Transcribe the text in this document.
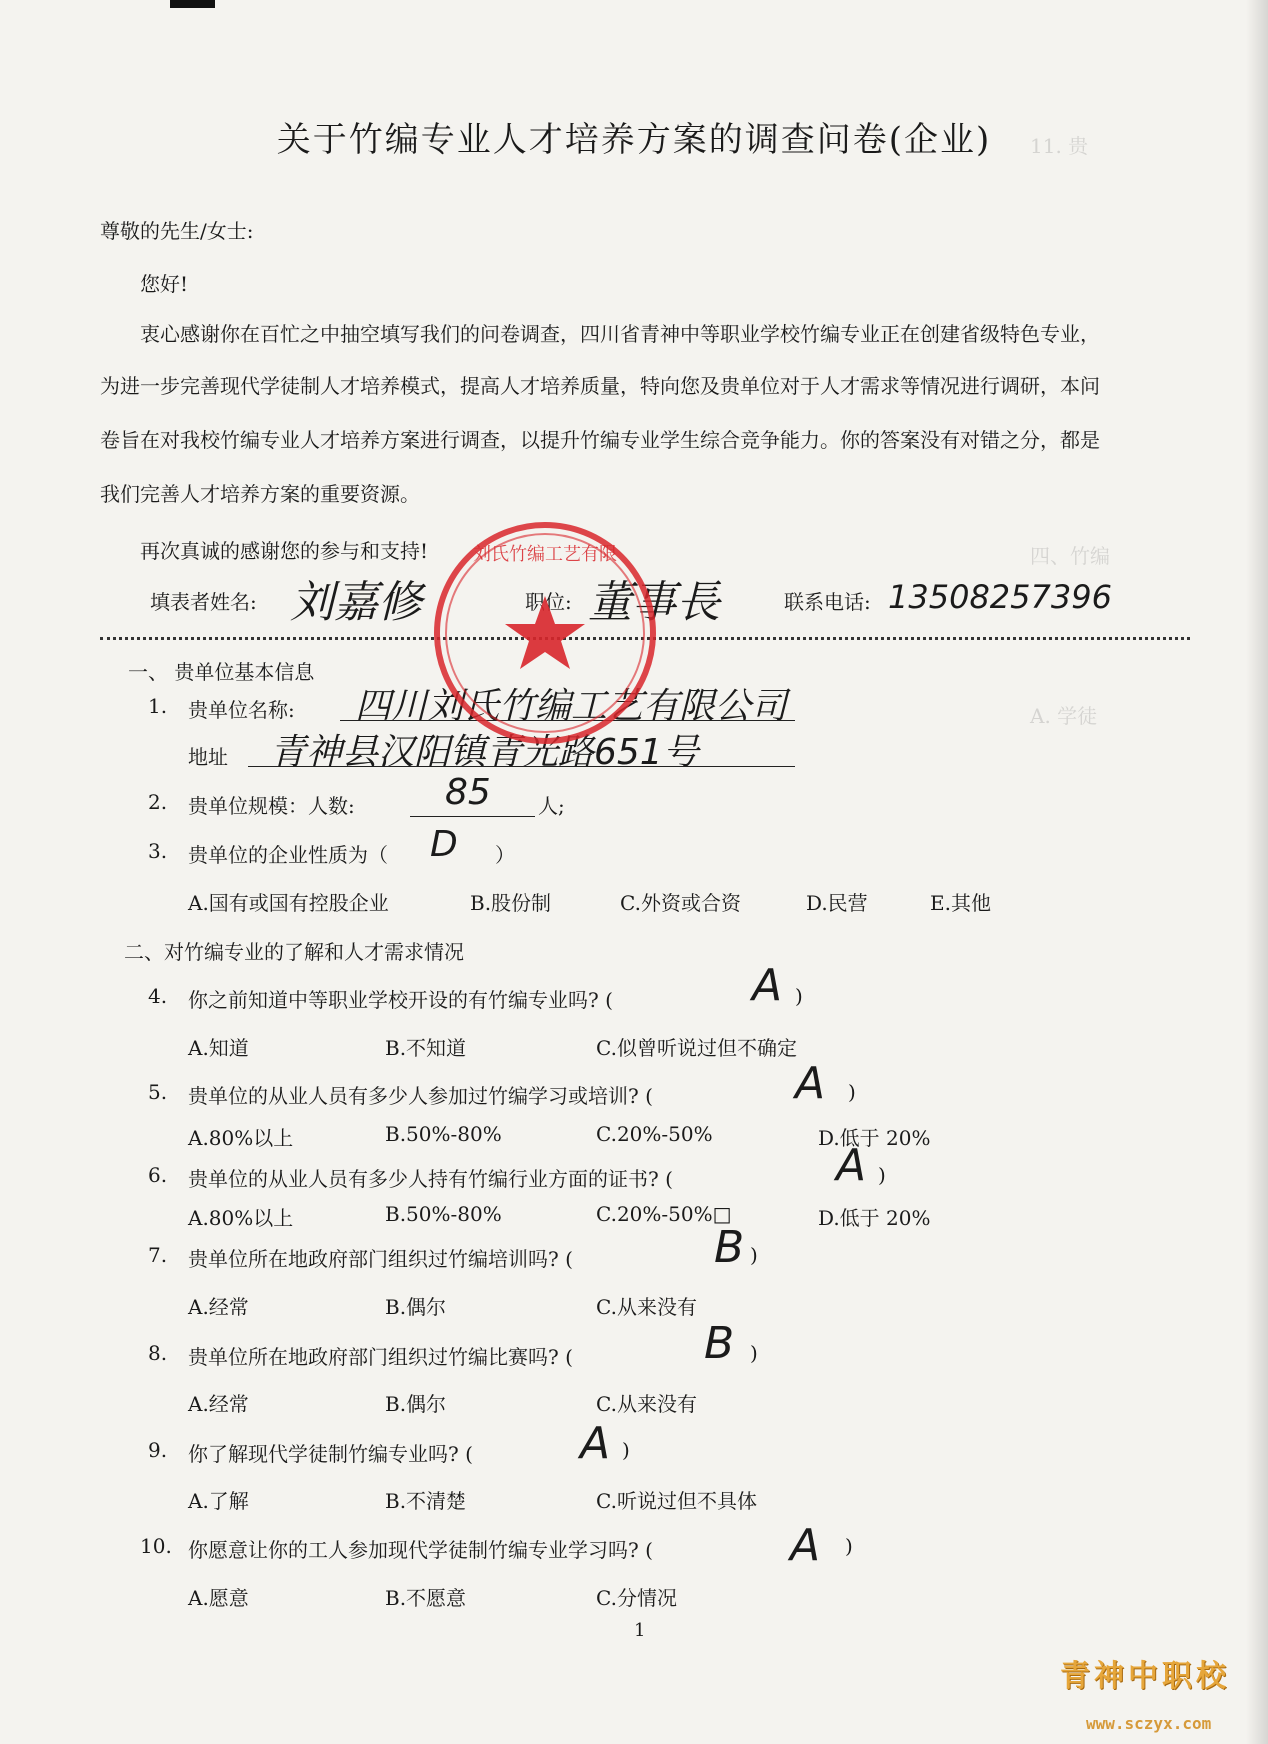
11. 贵
四、竹编
A. 学徒
关于竹编专业人才培养方案的调查问卷(企业)
尊敬的先生/女士:
您好!
衷心感谢你在百忙之中抽空填写我们的问卷调查，四川省青神中等职业学校竹编专业正在创建省级特色专业，
为进一步完善现代学徒制人才培养模式，提高人才培养质量，特向您及贵单位对于人才需求等情况进行调研，本问
卷旨在对我校竹编专业人才培养方案进行调查，以提升竹编专业学生综合竞争能力。你的答案没有对错之分，都是
我们完善人才培养方案的重要资源。
再次真诚的感谢您的参与和支持!
填表者姓名: 刘嘉修	职位: 董事長	联系电话: 13508257396
一、 贵单位基本信息
1. 贵单位名称: 四川刘氏竹编工艺有限公司
地址 青神县汉阳镇青光路651号
2. 贵单位规模：人数:	85 人;
3. 贵单位的企业性质为（ D ）
A.国有或国有控股企业	B.股份制	C.外资或合资	D.民营	E.其他
二、对竹编专业的了解和人才需求情况
4. 你之前知道中等职业学校开设的有竹编专业吗? (	A )
A.知道	B.不知道	C.似曾听说过但不确定
5. 贵单位的从业人员有多少人参加过竹编学习或培训? (	A )
A.80%以上	B.50%-80%	C.20%-50%	D.低于 20%
6. 贵单位的从业人员有多少人持有竹编行业方面的证书? (	A )
A.80%以上	B.50%-80%	C.20%-50%□	D.低于 20%
7. 贵单位所在地政府部门组织过竹编培训吗? (	B )
A.经常	B.偶尔	C.从来没有
8. 贵单位所在地政府部门组织过竹编比赛吗? (	B )
A.经常	B.偶尔	C.从来没有
9. 你了解现代学徒制竹编专业吗? ( A )
A.了解	B.不清楚	C.听说过但不具体
10. 你愿意让你的工人参加现代学徒制竹编专业学习吗? (	A )
A.愿意	B.不愿意	C.分情况
刘氏竹编工艺有限
1
青神中职校
www.sczyx.com
